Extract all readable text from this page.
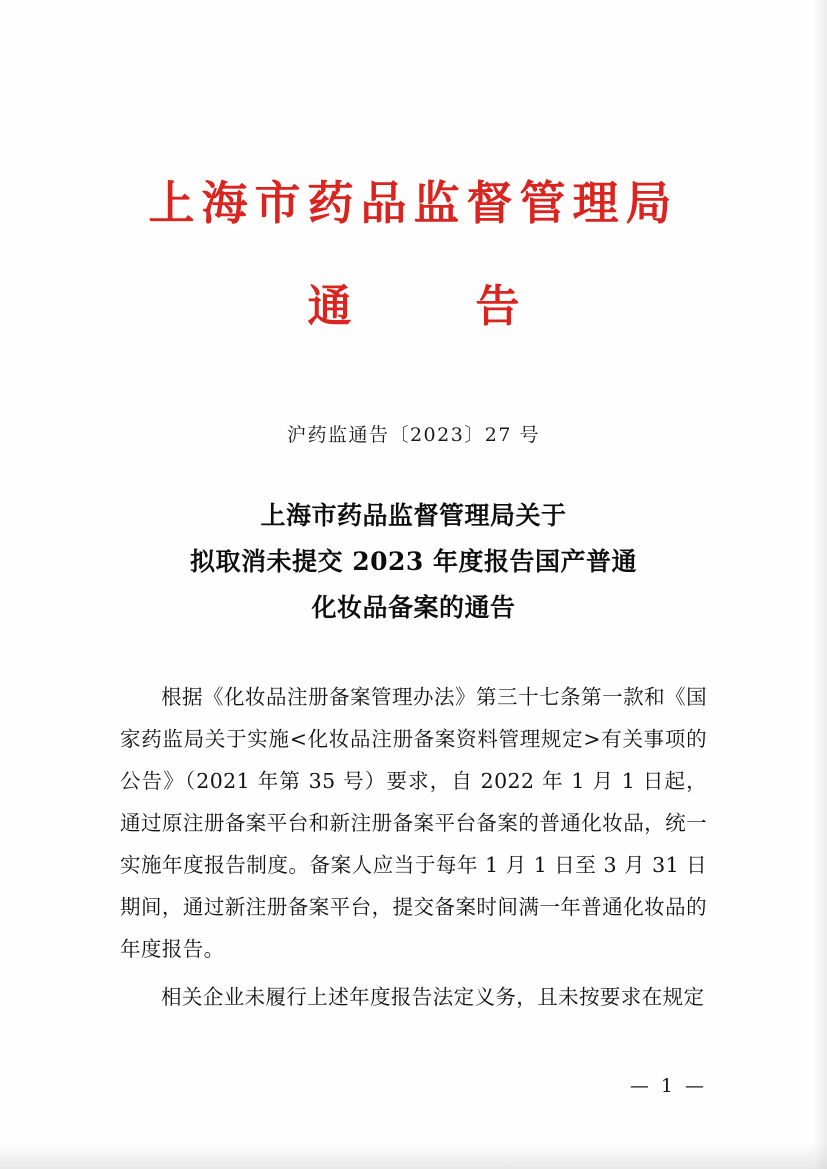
上海市药品监督管理局
通　告
沪药监通告〔2023〕27 号
上海市药品监督管理局关于
拟取消未提交 2023 年度报告国产普通
化妆品备案的通告

根据《化妆品注册备案管理办法》第三十七条第一款和《国家药监局关于实施<化妆品注册备案资料管理规定>有关事项的公告》（2021 年第 35 号）要求，自 2022 年 1 月 1 日起，通过原注册备案平台和新注册备案平台备案的普通化妆品，统一实施年度报告制度。备案人应当于每年 1 月 1 日至 3 月 31 日期间，通过新注册备案平台，提交备案时间满一年普通化妆品的年度报告。

相关企业未履行上述年度报告法定义务，且未按要求在规定

— 1 —
